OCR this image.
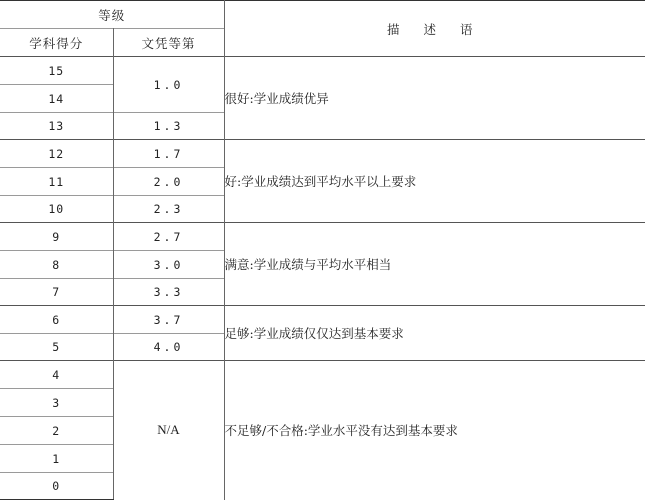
等级		描 述 语
学科得分	文凭等第	
15	1.0	很好:学业成绩优异
14		
13	1.3	
12	1.7	好:学业成绩达到平均水平以上要求
11	2.0	
10	2.3	
9	2.7	满意:学业成绩与平均水平相当
8	3.0	
7	3.3	
6	3.7	足够:学业成绩仅仅达到基本要求
5	4.0	
4	N/A	不足够/不合格:学业水平没有达到基本要求
3		
2		
1		
0		
